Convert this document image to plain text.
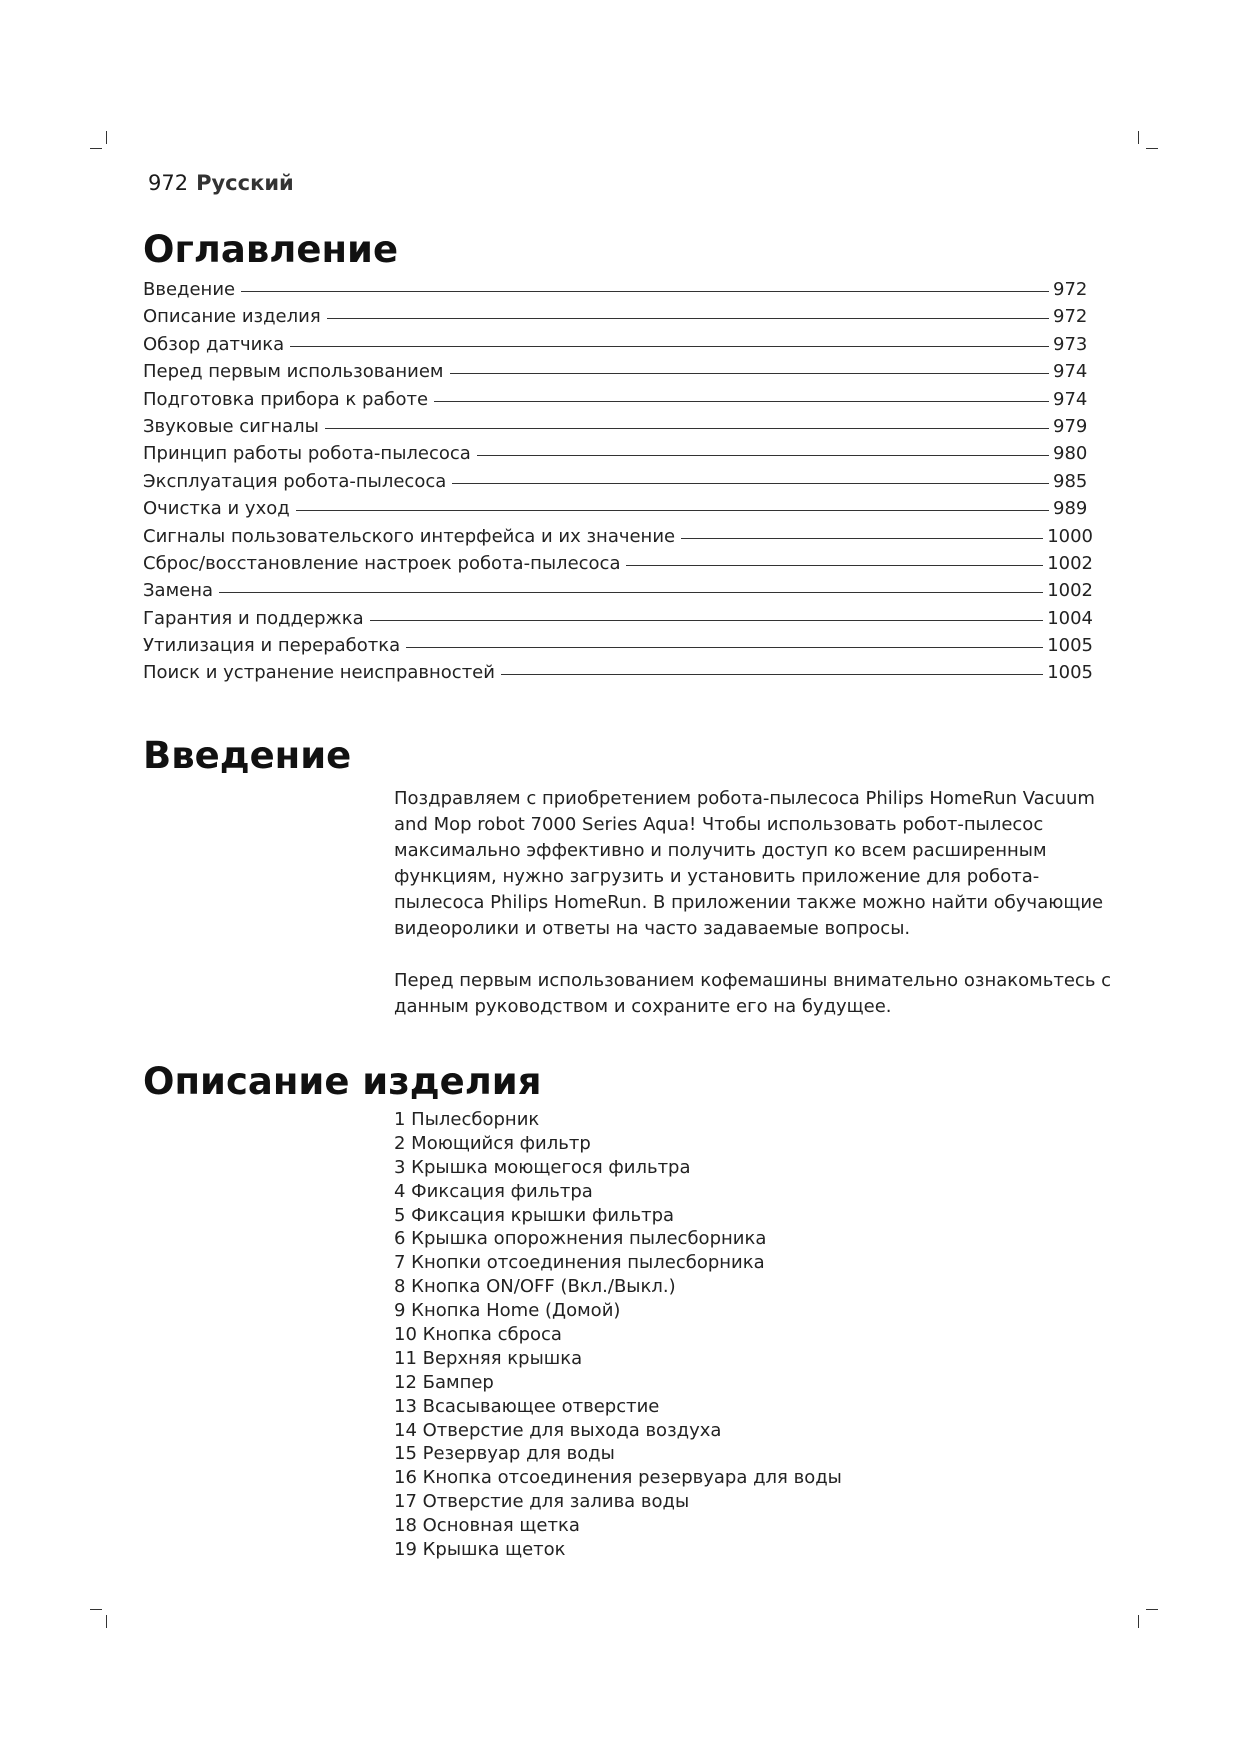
972 Русский
Оглавление
Введение	972
Описание изделия	972
Обзор датчика	973
Перед первым использованием	974
Подготовка прибора к работе	974
Звуковые сигналы	979
Принцип работы робота-пылесоса	980
Эксплуатация робота-пылесоса	985
Очистка и уход	989
Сигналы пользовательского интерфейса и их значение	1000
Сброс/восстановление настроек робота-пылесоса	1002
Замена	1002
Гарантия и поддержка	1004
Утилизация и переработка	1005
Поиск и устранение неисправностей	1005
Введение

Поздравляем с приобретением робота-пылесоса Philips HomeRun Vacuum and Mop robot 7000 Series Aqua! Чтобы использовать робот-пылесос максимально эффективно и получить доступ ко всем расширенным функциям, нужно загрузить и установить приложение для робота-пылесоса Philips HomeRun. В приложении также можно найти обучающие видеоролики и ответы на часто задаваемые вопросы.

Перед первым использованием кофемашины внимательно ознакомьтесь с данным руководством и сохраните его на будущее.

Описание изделия
1 Пылесборник
2 Моющийся фильтр
3 Крышка моющегося фильтра
4 Фиксация фильтра
5 Фиксация крышки фильтра
6 Крышка опорожнения пылесборника
7 Кнопки отсоединения пылесборника
8 Кнопка ON/OFF (Вкл./Выкл.)
9 Кнопка Home (Домой)
10 Кнопка сброса
11 Верхняя крышка
12 Бампер
13 Всасывающее отверстие
14 Отверстие для выхода воздуха
15 Резервуар для воды
16 Кнопка отсоединения резервуара для воды
17 Отверстие для залива воды
18 Основная щетка
19 Крышка щеток
